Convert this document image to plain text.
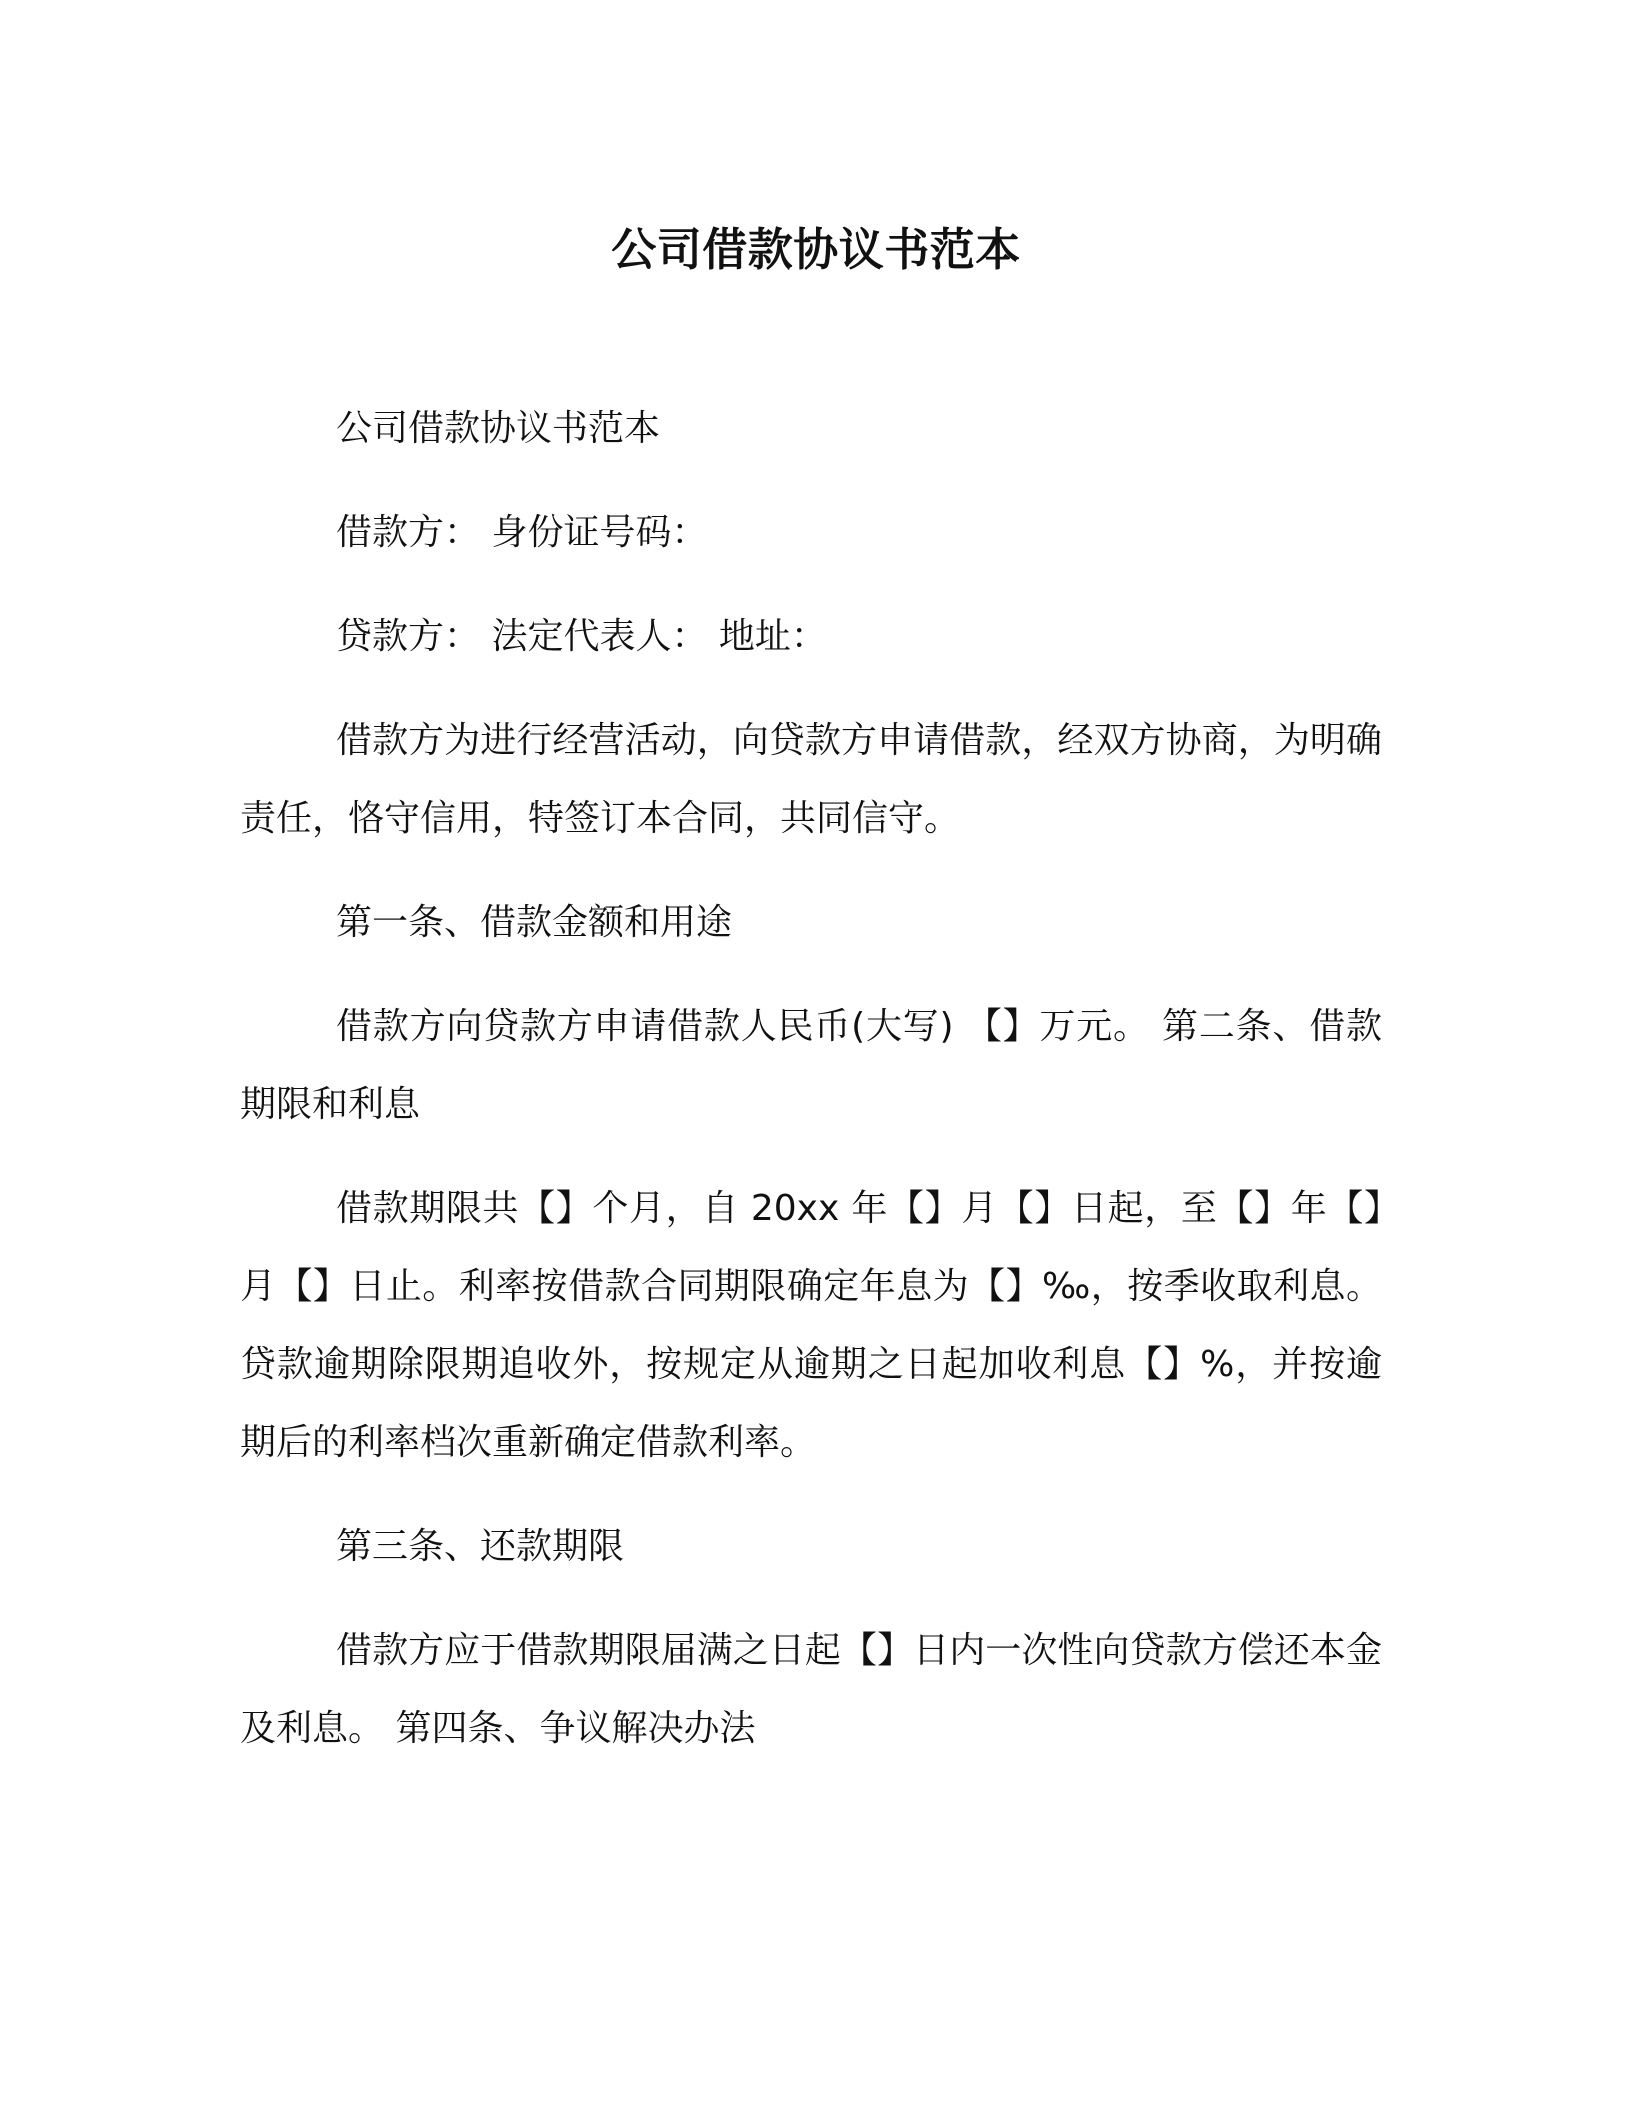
公司借款协议书范本

公司借款协议书范本

借款方： 身份证号码：

贷款方： 法定代表人： 地址：

借款方为进行经营活动，向贷款方申请借款，经双方协商，为明确责任，恪守信用，特签订本合同，共同信守。

第一条、借款金额和用途

借款方向贷款方申请借款人民币(大写) 【】万元。 第二条、借款期限和利息

借款期限共【】个月，自 20xx 年【】月【】日起，至【】年【】月【】日止。利率按借款合同期限确定年息为【】‰，按季收取利息。贷款逾期除限期追收外，按规定从逾期之日起加收利息【】%，并按逾期后的利率档次重新确定借款利率。

第三条、还款期限

借款方应于借款期限届满之日起【】日内一次性向贷款方偿还本金及利息。 第四条、争议解决办法
